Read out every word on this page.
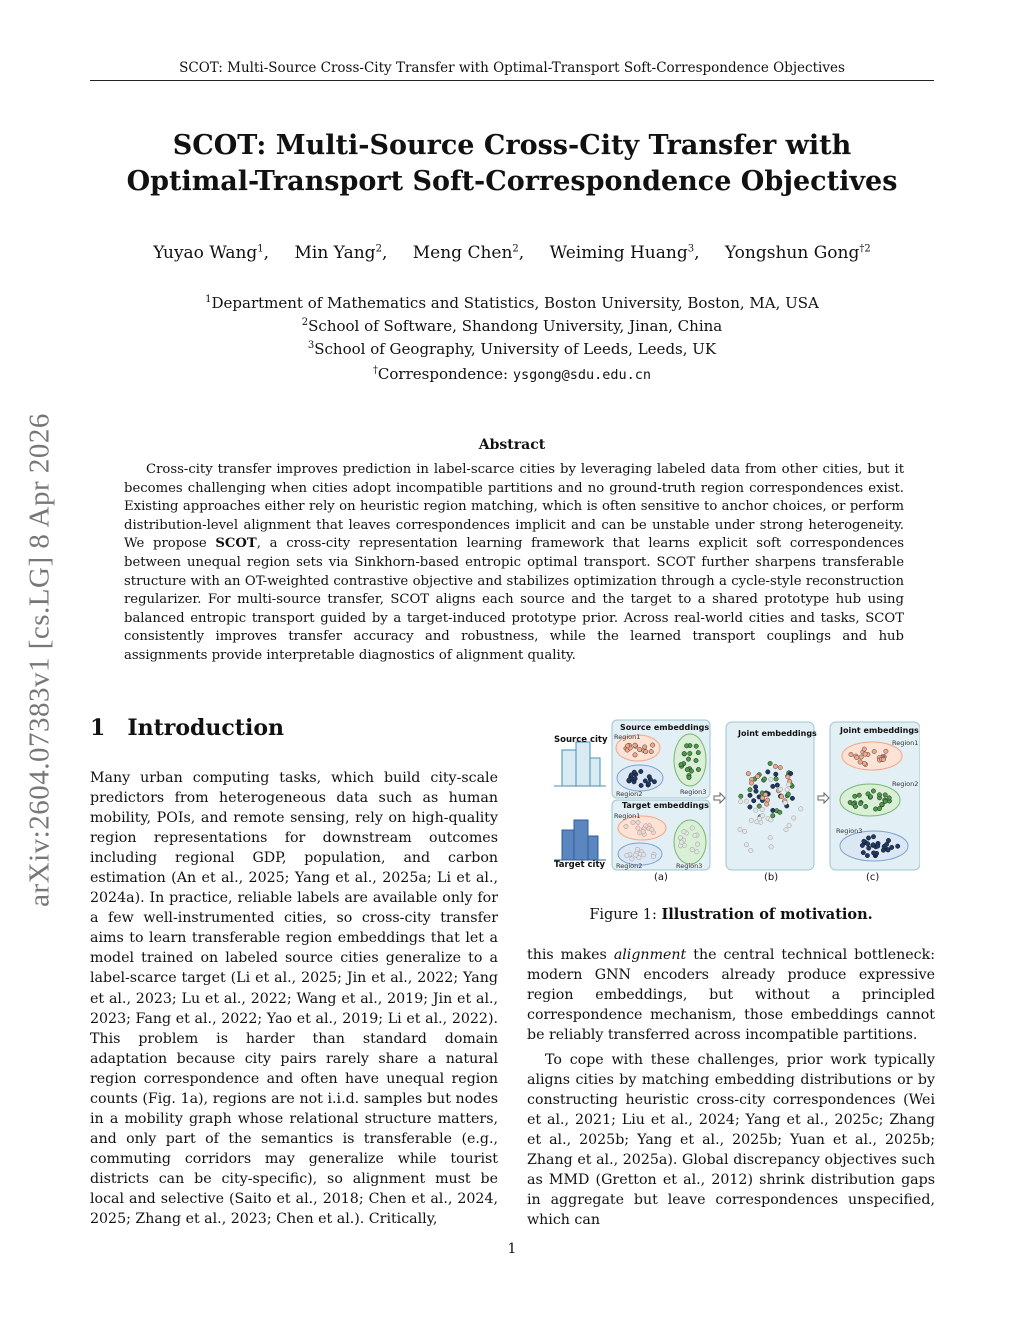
SCOT: Multi-Source Cross-City Transfer with Optimal-Transport Soft-Correspondence Objectives
arXiv:2604.07383v1 [cs.LG] 8 Apr 2026
SCOT: Multi-Source Cross-City Transfer with
Optimal-Transport Soft-Correspondence Objectives
Yuyao Wang$^1$, Min Yang$^2$, Meng Chen$^2$, Weiming Huang$^3$, Yongshun Gong$^{\dagger 2}$
$^1$Department of Mathematics and Statistics, Boston University, Boston, MA, USA
$^2$School of Software, Shandong University, Jinan, China
$^3$School of Geography, University of Leeds, Leeds, UK
†Correspondence: ysgong@sdu.edu.cn
Abstract

Cross-city transfer improves prediction in label-scarce cities by leveraging labeled data from other cities, but it becomes challenging when cities adopt incompatible partitions and no ground-truth region correspondences exist. Existing approaches either rely on heuristic region matching, which is often sensitive to anchor choices, or perform distribution-level alignment that leaves correspondences implicit and can be unstable under strong heterogeneity. We propose SCOT, a cross-city representation learning framework that learns explicit soft correspondences between unequal region sets via Sinkhorn-based entropic optimal transport. SCOT further sharpens transferable structure with an OT-weighted contrastive objective and stabilizes optimization through a cycle-style reconstruction regularizer. For multi-source transfer, SCOT aligns each source and the target to a shared prototype hub using balanced entropic transport guided by a target-induced prototype prior. Across real-world cities and tasks, SCOT consistently improves transfer accuracy and robustness, while the learned transport couplings and hub assignments provide interpretable diagnostics of alignment quality.

1 Introduction

Many urban computing tasks, which build city-scale predictors from heterogeneous data such as human mobility, POIs, and remote sensing, rely on high-quality region representations for downstream outcomes including regional GDP, population, and carbon estimation (An et al., 2025; Yang et al., 2025a; Li et al., 2024a). In practice, reliable labels are available only for a few well-instrumented cities, so cross-city transfer aims to learn transferable region embeddings that let a model trained on labeled source cities generalize to a label-scarce target (Li et al., 2025; Jin et al., 2022; Yang et al., 2023; Lu et al., 2022; Wang et al., 2019; Jin et al., 2023; Fang et al., 2022; Yao et al., 2019; Li et al., 2022). This problem is harder than standard domain adaptation because city pairs rarely share a natural region correspondence and often have unequal region counts (Fig. 1a), regions are not i.i.d. samples but nodes in a mobility graph whose relational structure matters, and only part of the semantics is transferable (e.g., commuting corridors may generalize while tourist districts can be city-specific), so alignment must be local and selective (Saito et al., 2018; Chen et al., 2024, 2025; Zhang et al., 2023; Chen et al.). Critically,

Source city
Target city
Source embeddings
Target embeddings
Region1
Region2	Region3
Region1
Region2	Region3
Joint embeddings	Joint embeddings
Region1
Region2
Region3
(a)	(b)	(c)
Figure 1: Illustration of motivation.

this makes alignment the central technical bottleneck: modern GNN encoders already produce expressive region embeddings, but without a principled correspondence mechanism, those embeddings cannot be reliably transferred across incompatible partitions.

To cope with these challenges, prior work typically aligns cities by matching embedding distributions or by constructing heuristic cross-city correspondences (Wei et al., 2021; Liu et al., 2024; Yang et al., 2025c; Zhang et al., 2025b; Yang et al., 2025b; Yuan et al., 2025b; Zhang et al., 2025a). Global discrepancy objectives such as MMD (Gretton et al., 2012) shrink distribution gaps in aggregate but leave correspondences unspecified, which can

1
